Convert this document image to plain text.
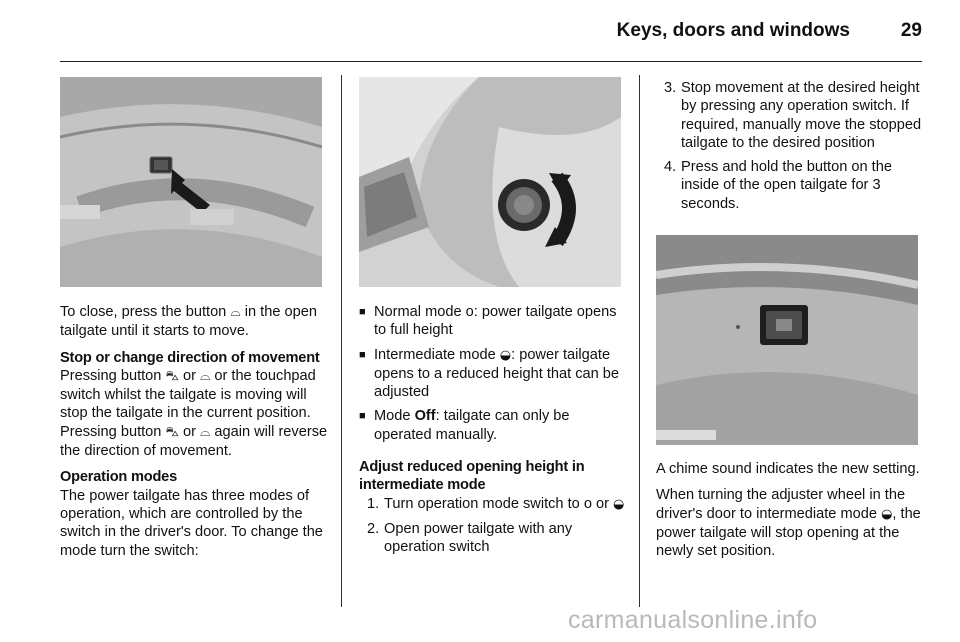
Keys, doors and windows	29

To close, press the button ⌓ in the open tailgate until it starts to move.

Stop or change direction of movement

Pressing button ⛍ or ⌓ or the touchpad switch whilst the tailgate is moving will stop the tailgate in the current position. Pressing button ⛍ or ⌓ again will reverse the direction of movement.

Operation modes

The power tailgate has three modes of operation, which are controlled by the switch in the driver's door. To change the mode turn the switch:

■ Normal mode o: power tailgate opens to full height
■ Intermediate mode ◒: power tailgate opens to a reduced height that can be adjusted
■ Mode Off: tailgate can only be operated manually.

Adjust reduced opening height in intermediate mode

1. Turn operation mode switch to o or ◒
2. Open power tailgate with any operation switch
3. Stop movement at the desired height by pressing any operation switch. If required, manually move the stopped tailgate to the desired position
4. Press and hold the button on the inside of the open tailgate for 3 seconds.

A chime sound indicates the new setting.

When turning the adjuster wheel in the driver's door to intermediate mode ◒, the power tailgate will stop opening at the newly set position.

carmanualsonline.info
